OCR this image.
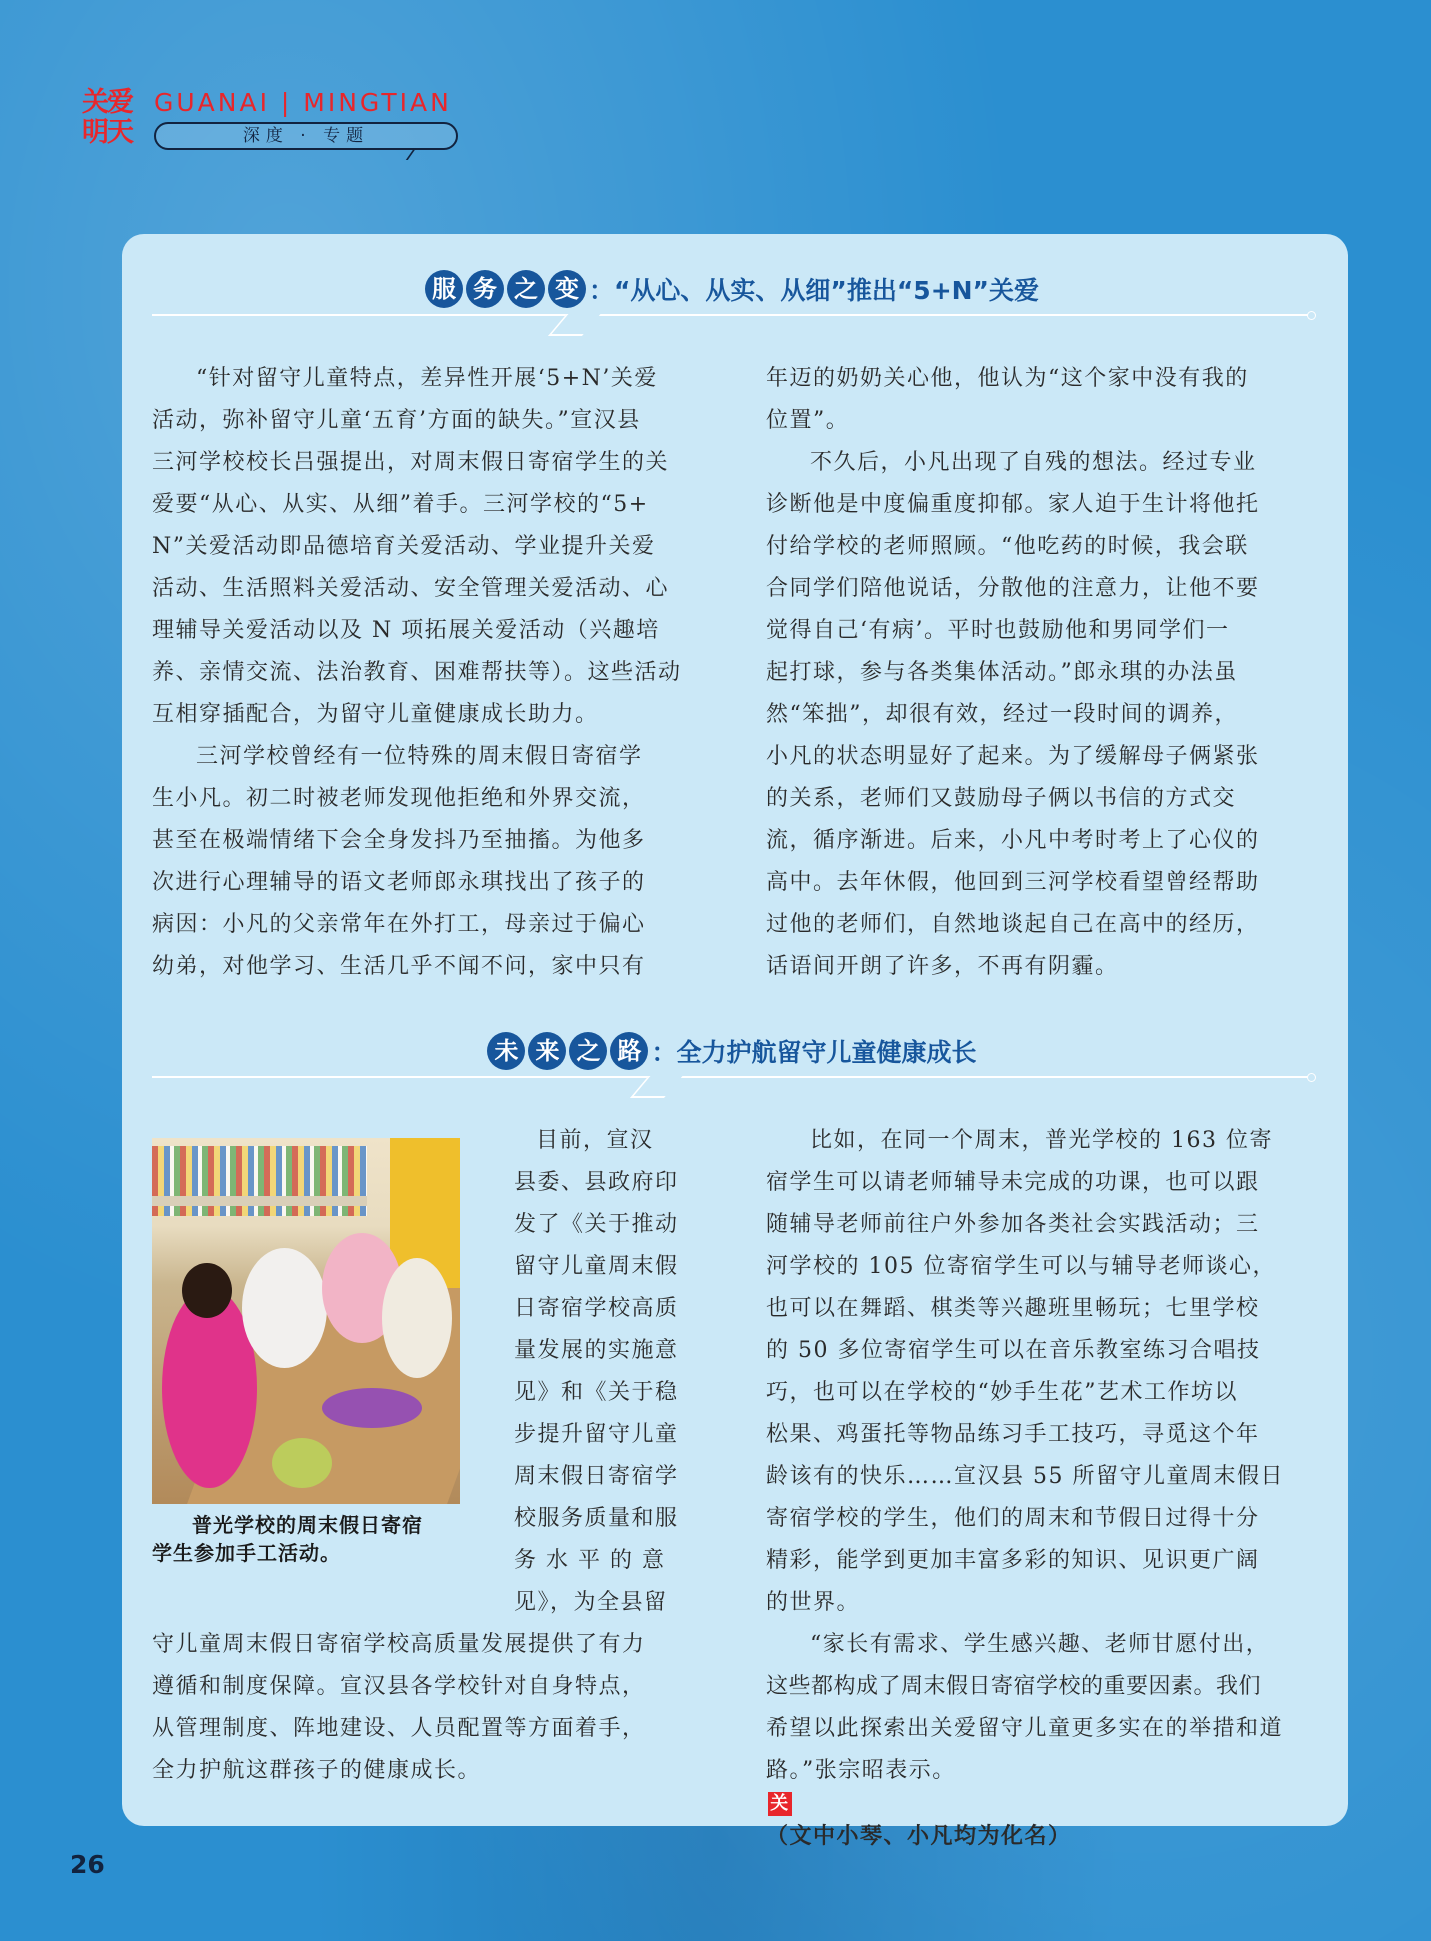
关爱
明天
GUANAI | MINGTIAN
深度 · 专题
服 务 之 变 ：“从心、从实、从细”推出“5+N”关爱
“针对留守儿童特点，差异性开展‘5+N’关爱
活动，弥补留守儿童‘五育’方面的缺失。”宣汉县
三河学校校长吕强提出，对周末假日寄宿学生的关
爱要“从心、从实、从细”着手。三河学校的“5+
N”关爱活动即品德培育关爱活动、学业提升关爱
活动、生活照料关爱活动、安全管理关爱活动、心
理辅导关爱活动以及 N 项拓展关爱活动（兴趣培
养、亲情交流、法治教育、困难帮扶等）。这些活动
互相穿插配合，为留守儿童健康成长助力。
三河学校曾经有一位特殊的周末假日寄宿学
生小凡。初二时被老师发现他拒绝和外界交流，
甚至在极端情绪下会全身发抖乃至抽搐。为他多
次进行心理辅导的语文老师郎永琪找出了孩子的
病因：小凡的父亲常年在外打工，母亲过于偏心
幼弟，对他学习、生活几乎不闻不问，家中只有
年迈的奶奶关心他，他认为“这个家中没有我的
位置”。
不久后，小凡出现了自残的想法。经过专业
诊断他是中度偏重度抑郁。家人迫于生计将他托
付给学校的老师照顾。“他吃药的时候，我会联
合同学们陪他说话，分散他的注意力，让他不要
觉得自己‘有病’。平时也鼓励他和男同学们一
起打球，参与各类集体活动。”郎永琪的办法虽
然“笨拙”，却很有效，经过一段时间的调养，
小凡的状态明显好了起来。为了缓解母子俩紧张
的关系，老师们又鼓励母子俩以书信的方式交
流，循序渐进。后来，小凡中考时考上了心仪的
高中。去年休假，他回到三河学校看望曾经帮助
过他的老师们，自然地谈起自己在高中的经历，
话语间开朗了许多，不再有阴霾。
未 来 之 路 ：全力护航留守儿童健康成长
普光学校的周末假日寄宿
学生参加手工活动。
目前，宣汉
县委、县政府印
发了《关于推动
留守儿童周末假
日寄宿学校高质
量发展的实施意
见》和《关于稳
步提升留守儿童
周末假日寄宿学
校服务质量和服
务 水 平 的 意
见》，为全县留
守儿童周末假日寄宿学校高质量发展提供了有力
遵循和制度保障。宣汉县各学校针对自身特点，
从管理制度、阵地建设、人员配置等方面着手，
全力护航这群孩子的健康成长。
比如，在同一个周末，普光学校的 163 位寄
宿学生可以请老师辅导未完成的功课，也可以跟
随辅导老师前往户外参加各类社会实践活动；三
河学校的 105 位寄宿学生可以与辅导老师谈心，
也可以在舞蹈、棋类等兴趣班里畅玩；七里学校
的 50 多位寄宿学生可以在音乐教室练习合唱技
巧，也可以在学校的“妙手生花”艺术工作坊以
松果、鸡蛋托等物品练习手工技巧，寻觅这个年
龄该有的快乐……宣汉县 55 所留守儿童周末假日
寄宿学校的学生，他们的周末和节假日过得十分
精彩，能学到更加丰富多彩的知识、见识更广阔
的世界。
“家长有需求、学生感兴趣、老师甘愿付出，
这些都构成了周末假日寄宿学校的重要因素。我们
希望以此探索出关爱留守儿童更多实在的举措和道
路。”张宗昭表示。
关
（文中小琴、小凡均为化名）
26
